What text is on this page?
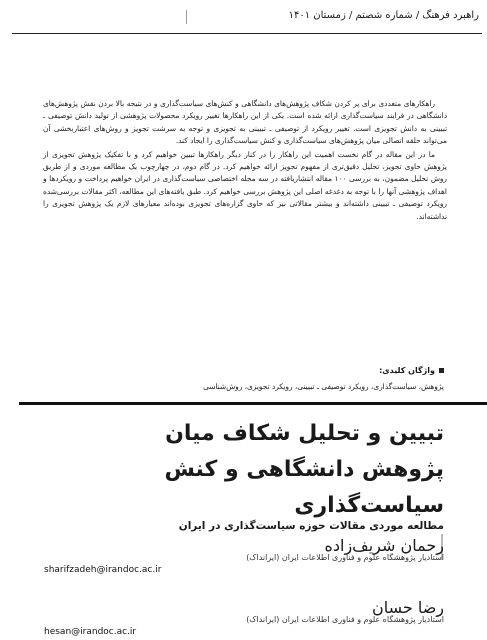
راهبرد فرهنگ / شماره شصتم / زمستان ۱۴۰۱

راهکارهای متعددی برای پر کردن شکاف پژوهش‌های دانشگاهی و کنش‌های سیاست‌گذاری و در نتیجه بالا بردن نقش پژوهش‌های دانشگاهی در فرایند سیاست‌گذاری ارائه شده است. یکی از این راهکارها تغییر رویکرد محصولات پژوهشی از تولید دانش توصیفی ـ تبیینی به دانش تجویزی است. تغییر رویکرد از توصیفی ـ تبیینی به تجویزی و توجه به سرشت تجویز و روش‌های اعتباربخشی آن می‌تواند حلقه اتصالی میان پژوهش‌های سیاست‌گذاری و کنش سیاست‌گذاری را ایجاد کند.

ما در این مقاله در گام نخست اهمیت این راهکار را در کنار دیگر راهکارها تبیین خواهیم کرد و با تفکیک پژوهش تجویزی از پژوهش حاوی تجویز، تحلیل دقیق‌تری از مفهوم تجویز ارائه خواهیم کرد. در گام دوم، در چهارچوب یک مطالعه موردی و از طریق روش تحلیل مضمون، به بررسی ۱۰۰ مقاله انتشاریافته در سه مجله اختصاصی سیاست‌گذاری در ایران خواهیم پرداخت و رویکردها و اهداف پژوهشی آنها را با توجه به دغدغه اصلی این پژوهش بررسی خواهیم کرد. طبق یافته‌های این مطالعه، اکثر مقالات بررسی‌شده رویکرد توصیفی ـ تبیینی داشته‌اند و بیشتر مقالاتی نیز که حاوی گزاره‌های تجویزی بوده‌اند معیارهای لازم یک پژوهش تجویزی را نداشته‌اند.

واژگان کلیدی:
پژوهش، سیاست‌گذاری، رویکرد توصیفی ـ تبیینی، رویکرد تجویزی، روش‌شناسی
تبیین و تحلیل شکاف میان
پژوهش دانشگاهی و کنش
سیاست‌گذاری
مطالعه موردی مقالات حوزه سیاست‌گذاری در ایران
رحمان شریف‌زاده
استادیار پژوهشگاه علوم و فناوری اطلاعات ایران (ایرانداک)
sharifzadeh@irandoc.ac.ir
رضا حسان
استادیار پژوهشگاه علوم و فناوری اطلاعات ایران (ایرانداک)
hesan@irandoc.ac.ir
